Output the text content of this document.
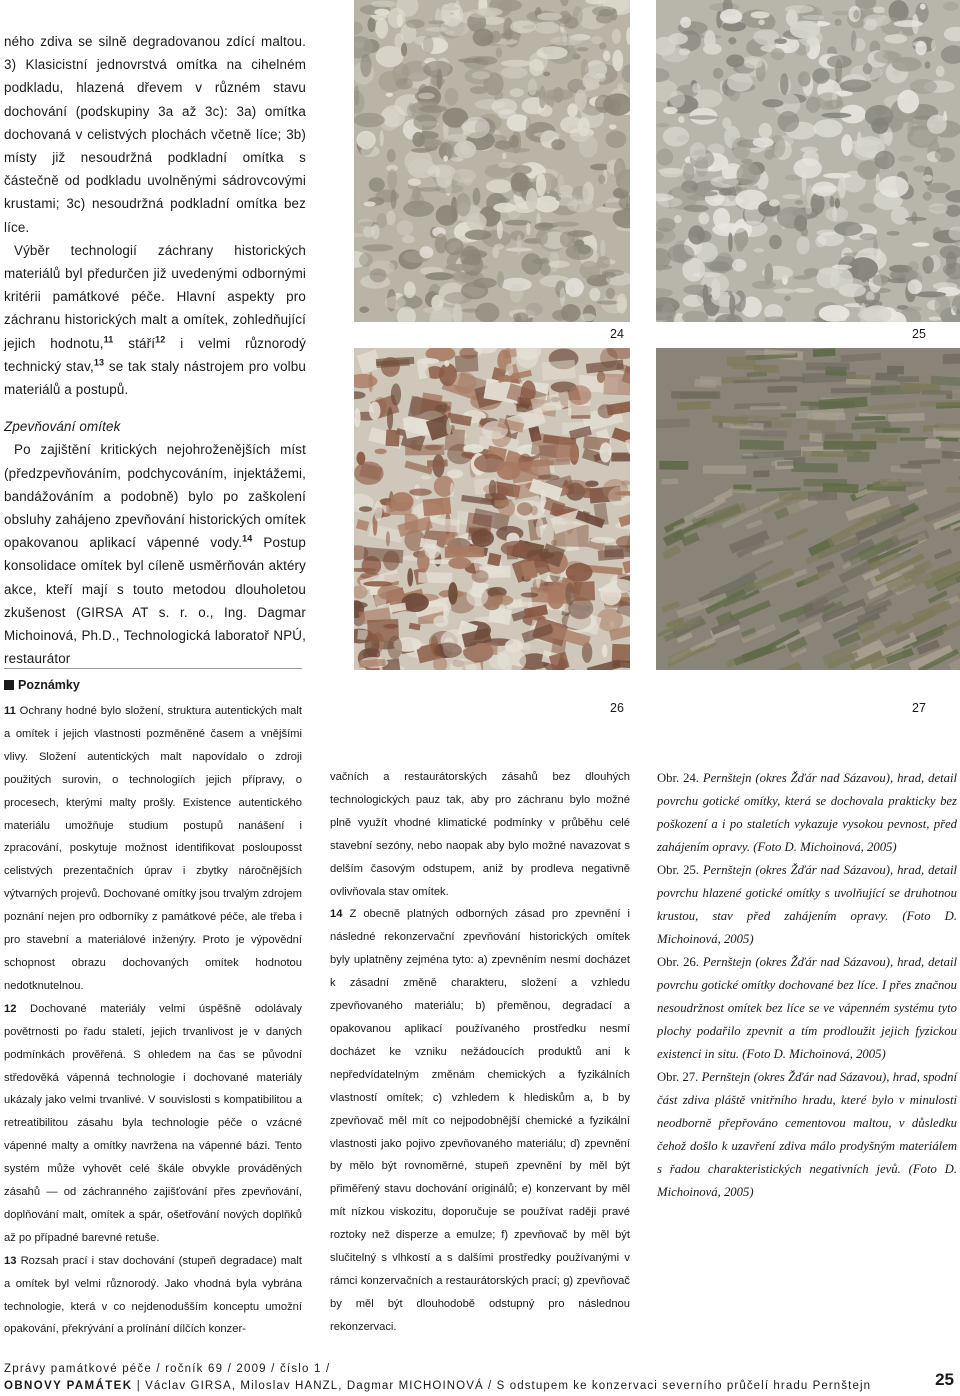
ného zdiva se silně degradovanou zdící maltou. 3) Klasicistní jednovrstvá omítka na cihelném podkladu, hlazená dřevem v různém stavu dochování (podskupiny 3a až 3c): 3a) omítka dochovaná v celistvých plochách včetně líce; 3b) místy již nesoudržná podkladní omítka s částečně od podkladu uvolněnými sádrovcovými krustami; 3c) nesoudržná podkladní omítka bez líce.

Výběr technologií záchrany historických materiálů byl předurčen již uvedenými odbornými kritérii památkové péče. Hlavní aspekty pro záchranu historických malt a omítek, zohledňující jejich hodnotu,$^{11}$ stáří$^{12}$ i velmi různorodý technický stav,$^{13}$ se tak staly nástrojem pro volbu materiálů a postupů.

Zpevňování omítek

Po zajištění kritických nejohroženějších míst (předzpevňováním, podchycováním, injektážemi, bandážováním a podobně) bylo po zaškolení obsluhy zahájeno zpevňování historických omítek opakovanou aplikací vápenné vody.$^{14}$ Postup konsolidace omítek byl cíleně usměrňován aktéry akce, kteří mají s touto metodou dlouholetou zkušenost (GIRSA AT s. r. o., Ing. Dagmar Michoinová, Ph.D., Technologická laboratoř NPÚ, restaurátor

24	25
26	27
Poznámky

11 Ochrany hodné bylo složení, struktura autentických malt a omítek i jejich vlastnosti pozměněné časem a vnějšími vlivy. Složení autentických malt napovídalo o zdroji použitých surovin, o technologiích jejich přípravy, o procesech, kterými malty prošly. Existence autentického materiálu umožňuje studium postupů nanášení i zpracování, poskytuje možnost identifikovat poslouposst celistvých prezentačních úprav i zbytky náročnějších výtvarných projevů. Dochované omítky jsou trvalým zdrojem poznání nejen pro odborníky z památkové péče, ale třeba i pro stavební a materiálové inženýry. Proto je výpovědní schopnost obrazu dochovaných omítek hodnotou nedotknutelnou.

12 Dochované materiály velmi úspěšně odolávaly povětrnosti po řadu staletí, jejich trvanlivost je v daných podmínkách prověřená. S ohledem na čas se původní středověká vápenná technologie i dochované materiály ukázaly jako velmi trvanlivé. V souvislosti s kompatibilitou a retreatibilitou zásahu byla technologie péče o vzácné vápenné malty a omítky navržena na vápenné bázi. Tento systém může vyhovět celé škále obvykle prováděných zásahů — od záchranného zajišťování přes zpevňování, doplňování malt, omítek a spár, ošetřování nových doplňků až po případné barevné retuše.

13 Rozsah prací i stav dochování (stupeň degradace) malt a omítek byl velmi různorodý. Jako vhodná byla vybrána technologie, která v co nejdenodušším konceptu umožní opakování, překrývání a prolínání dílčích konzer-

vačních a restaurátorských zásahů bez dlouhých technologických pauz tak, aby pro záchranu bylo možné plně využít vhodné klimatické podmínky v průběhu celé stavební sezóny, nebo naopak aby bylo možné navazovat s delším časovým odstupem, aniž by prodleva negativně ovlivňovala stav omítek.

14 Z obecně platných odborných zásad pro zpevnění i následné rekonzervační zpevňování historických omítek byly uplatněny zejména tyto: a) zpevněním nesmí docházet k zásadní změně charakteru, složení a vzhledu zpevňovaného materiálu; b) přeměnou, degradací a opakovanou aplikací používaného prostředku nesmí docházet ke vzniku nežádoucích produktů ani k nepředvídatelným změnám chemických a fyzikálních vlastností omítek; c) vzhledem k hlediskům a, b by zpevňovač měl mít co nejpodobnější chemické a fyzikální vlastnosti jako pojivo zpevňovaného materiálu; d) zpevnění by mělo být rovnoměrné, stupeň zpevnění by měl být přiměřený stavu dochování originálů; e) konzervant by měl mít nízkou viskozitu, doporučuje se používat raději pravé roztoky než disperze a emulze; f) zpevňovač by měl být slučitelný s vlhkostí a s dalšími prostředky používanými v rámci konzervačních a restaurátorských prací; g) zpevňovač by měl být dlouhodobě odstupný pro následnou rekonzervaci.

Obr. 24. Pernštejn (okres Žďár nad Sázavou), hrad, detail povrchu gotické omítky, která se dochovala prakticky bez poškození a i po staletích vykazuje vysokou pevnost, před zahájením opravy. (Foto D. Michoinová, 2005)

Obr. 25. Pernštejn (okres Žďár nad Sázavou), hrad, detail povrchu hlazené gotické omítky s uvolňující se druhotnou krustou, stav před zahájením opravy. (Foto D. Michoinová, 2005)

Obr. 26. Pernštejn (okres Žďár nad Sázavou), hrad, detail povrchu gotické omítky dochované bez líce. I přes značnou nesoudržnost omítek bez líce se ve vápenném systému tyto plochy podařilo zpevnit a tím prodloužit jejich fyzickou existenci in situ. (Foto D. Michoinová, 2005)

Obr. 27. Pernštejn (okres Žďár nad Sázavou), hrad, spodní část zdiva pláště vnitřního hradu, které bylo v minulosti neodborně přepřováno cementovou maltou, v důsledku čehož došlo k uzavření zdiva málo prodyšným materiálem s řadou charakteristických negativních jevů. (Foto D. Michoinová, 2005)

Zprávy památkové péče / ročník 69 / 2009 / číslo 1 /
OBNOVY PAMÁTEK | Václav GIRSA, Miloslav HANZL, Dagmar MICHOINOVÁ / S odstupem ke konzervaci severního průčelí hradu Pernštejn	25
